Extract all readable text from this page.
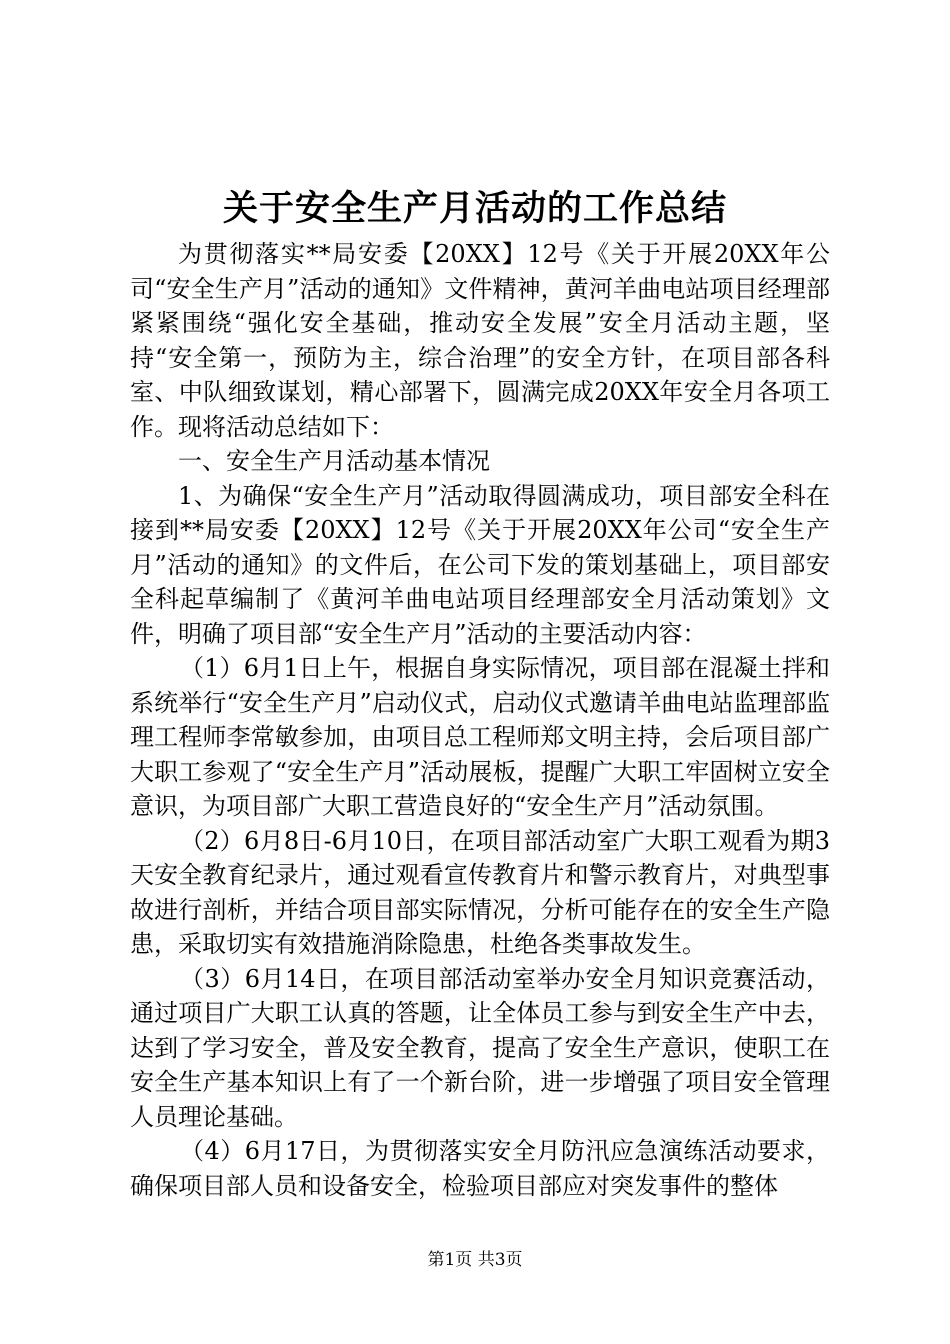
关于安全生产月活动的工作总结

为贯彻落实**局安委【20XX】12号《关于开展20XX年公司“安全生产月”活动的通知》文件精神，黄河羊曲电站项目经理部紧紧围绕“强化安全基础，推动安全发展”安全月活动主题，坚持“安全第一，预防为主，综合治理”的安全方针，在项目部各科室、中队细致谋划，精心部署下，圆满完成20XX年安全月各项工作。现将活动总结如下：

一、安全生产月活动基本情况

1、为确保“安全生产月”活动取得圆满成功，项目部安全科在接到**局安委【20XX】12号《关于开展20XX年公司“安全生产月”活动的通知》的文件后，在公司下发的策划基础上，项目部安全科起草编制了《黄河羊曲电站项目经理部安全月活动策划》文件，明确了项目部“安全生产月”活动的主要活动内容：

（1）6月1日上午，根据自身实际情况，项目部在混凝土拌和系统举行“安全生产月”启动仪式，启动仪式邀请羊曲电站监理部监理工程师李常敏参加，由项目总工程师郑文明主持，会后项目部广大职工参观了“安全生产月”活动展板，提醒广大职工牢固树立安全意识，为项目部广大职工营造良好的“安全生产月”活动氛围。

（2）6月8日-6月10日，在项目部活动室广大职工观看为期3天安全教育纪录片，通过观看宣传教育片和警示教育片，对典型事故进行剖析，并结合项目部实际情况，分析可能存在的安全生产隐患，采取切实有效措施消除隐患，杜绝各类事故发生。

（3）6月14日，在项目部活动室举办安全月知识竞赛活动，通过项目广大职工认真的答题，让全体员工参与到安全生产中去，达到了学习安全，普及安全教育，提高了安全生产意识，使职工在安全生产基本知识上有了一个新台阶，进一步增强了项目安全管理人员理论基础。

（4）6月17日，为贯彻落实安全月防汛应急演练活动要求，确保项目部人员和设备安全，检验项目部应对突发事件的整体

第1页 共3页
